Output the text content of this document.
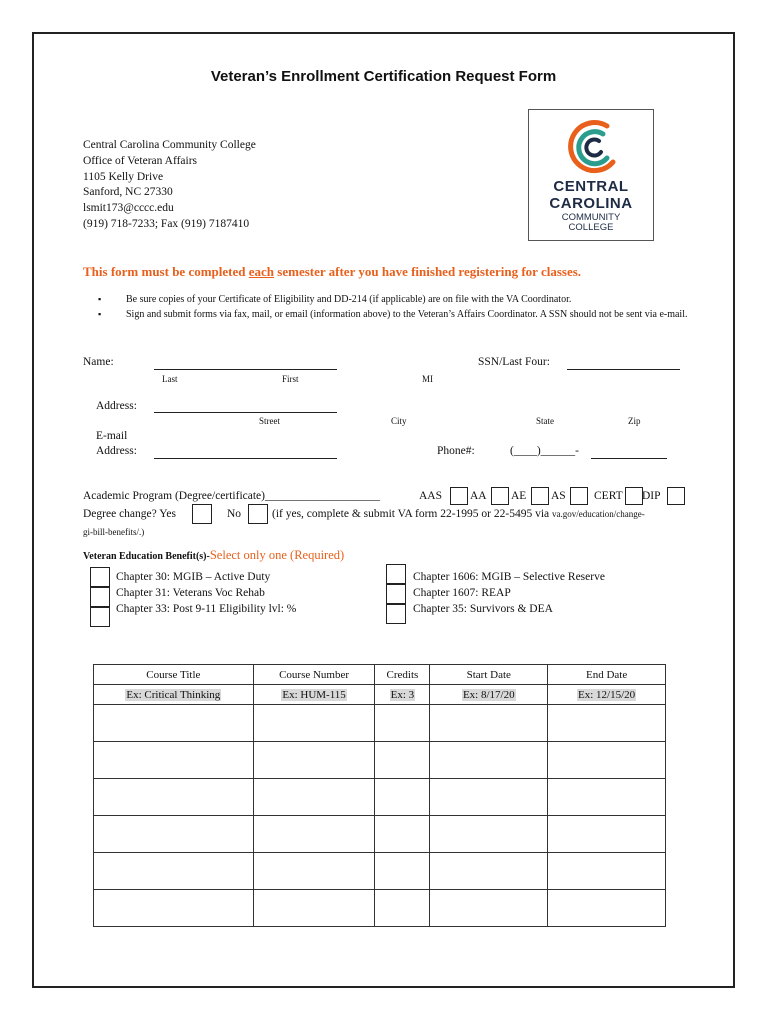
Veteran’s Enrollment Certification Request Form
Central Carolina Community College
Office of Veteran Affairs
1105 Kelly Drive
Sanford, NC 27330
lsmit173@cccc.edu
(919) 718-7233; Fax (919) 7187410
CENTRAL
CAROLINA
COMMUNITY
COLLEGE
This form must be completed each semester after you have finished registering for classes.
▪ Be sure copies of your Certificate of Eligibility and DD-214 (if applicable) are on file with the VA Coordinator.
▪ Sign and submit forms via fax, mail, or email (information above) to the Veteran’s Affairs Coordinator. A SSN should not be sent via e-mail.
Name:
Last	First	MI
SSN/Last Four:
Address:
Street	City	State	Zip
E-mail
Address:	Phone#:	(____)______-
Academic Program (Degree/certificate)____________________	AAS AA AE AS CERT DIP
Degree change? Yes	No	(if yes, complete & submit VA form 22-1995 or 22-5495 via va.gov/education/change-
gi-bill-benefits/.)
Veteran Education Benefit(s)-Select only one (Required)
Chapter 30: MGIB – Active Duty
Chapter 31: Veterans Voc Rehab
Chapter 33: Post 9-11 Eligibility lvl: %
Chapter 1606: MGIB – Selective Reserve
Chapter 1607: REAP
Chapter 35: Survivors & DEA
Course Title	Course Number	Credits	Start Date	End Date
Ex: Critical Thinking	Ex: HUM-115	Ex: 3	Ex: 8/17/20	Ex: 12/15/20
